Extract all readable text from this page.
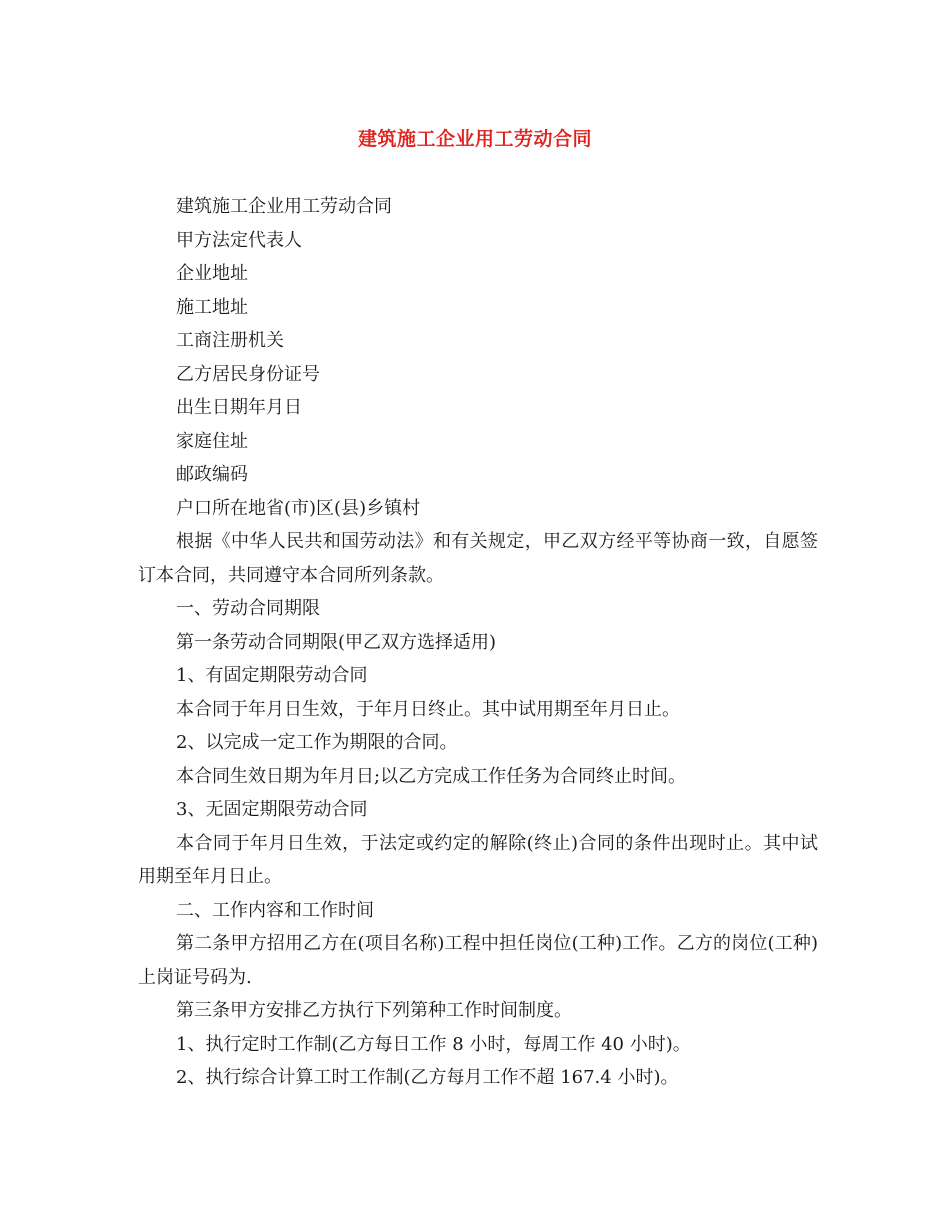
建筑施工企业用工劳动合同

建筑施工企业用工劳动合同

甲方法定代表人

企业地址

施工地址

工商注册机关

乙方居民身份证号

出生日期年月日

家庭住址

邮政编码

户口所在地省(市)区(县)乡镇村

根据《中华人民共和国劳动法》和有关规定，甲乙双方经平等协商一致，自愿签订本合同，共同遵守本合同所列条款。

一、劳动合同期限

第一条劳动合同期限(甲乙双方选择适用)

1、有固定期限劳动合同

本合同于年月日生效，于年月日终止。其中试用期至年月日止。

2、以完成一定工作为期限的合同。

本合同生效日期为年月日;以乙方完成工作任务为合同终止时间。

3、无固定期限劳动合同

本合同于年月日生效，于法定或约定的解除(终止)合同的条件出现时止。其中试用期至年月日止。

二、工作内容和工作时间

第二条甲方招用乙方在(项目名称)工程中担任岗位(工种)工作。乙方的岗位(工种)上岗证号码为.

第三条甲方安排乙方执行下列第种工作时间制度。

1、执行定时工作制(乙方每日工作 8 小时，每周工作 40 小时)。

2、执行综合计算工时工作制(乙方每月工作不超 167.4 小时)。
